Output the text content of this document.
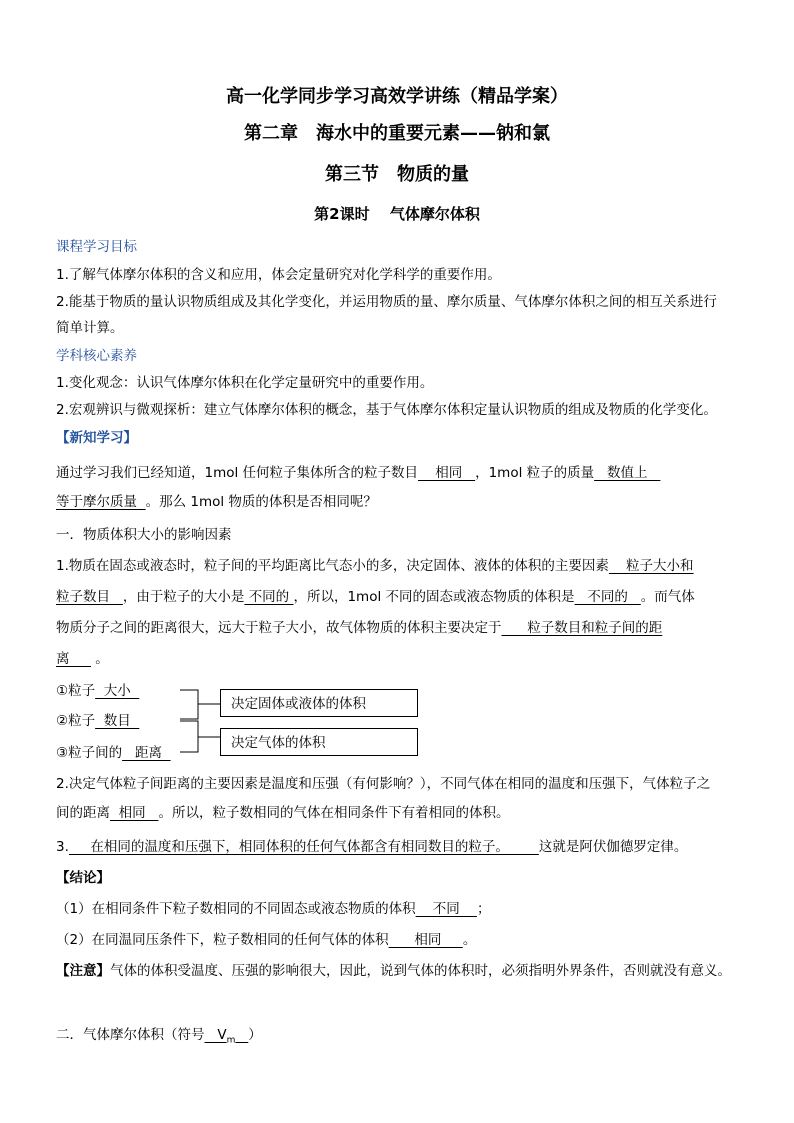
高一化学同步学习高效学讲练（精品学案）
第二章　海水中的重要元素——钠和氯
第三节　物质的量
第2课时　 气体摩尔体积
课程学习目标
1.了解气体摩尔体积的含义和应用，体会定量研究对化学科学的重要作用。
2.能基于物质的量认识物质组成及其化学变化，并运用物质的量、摩尔质量、气体摩尔体积之间的相互关系进行
简单计算。
学科核心素养
1.变化观念：认识气体摩尔体积在化学定量研究中的重要作用。
2.宏观辨识与微观探析：建立气体摩尔体积的概念，基于气体摩尔体积定量认识物质的组成及物质的化学变化。
【新知学习】
通过学习我们已经知道，1mol 任何粒子集体所含的粒子数目    相同   ，1mol 粒子的质量   数值上
等于摩尔质量  。那么 1mol 物质的体积是否相同呢？
一．物质体积大小的影响因素
1.物质在固态或液态时，粒子间的平均距离比气态小的多，决定固体、液体的体积的主要因素    粒子大小和
粒子数目   ，由于粒子的大小是 不同的 ，所以，1mol 不同的固态或液态物质的体积是   不同的   。而气体
物质分子之间的距离很大，远大于粒子大小，故气体物质的体积主要决定于      粒子数目和粒子间的距
离      。
①粒子  大小
②粒子  数目
③粒子间的   距离
决定固体或液体的体积
决定气体的体积
2.决定气体粒子间距离的主要因素是温度和压强（有何影响？），不同气体在相同的温度和压强下，气体粒子之
间的距离  相同   。所以，粒子数相同的气体在相同条件下有着相同的体积。
3.     在相同的温度和压强下，相同体积的任何气体都含有相同数目的粒子。       这就是阿伏伽德罗定律。
【结论】
（1）在相同条件下粒子数相同的不同固态或液态物质的体积    不同    ；
（2）在同温同压条件下，粒子数相同的任何气体的体积      相同     。
【注意】气体的体积受温度、压强的影响很大，因此，说到气体的体积时，必须指明外界条件，否则就没有意义。
二．气体摩尔体积（符号   $V_m$ ）
